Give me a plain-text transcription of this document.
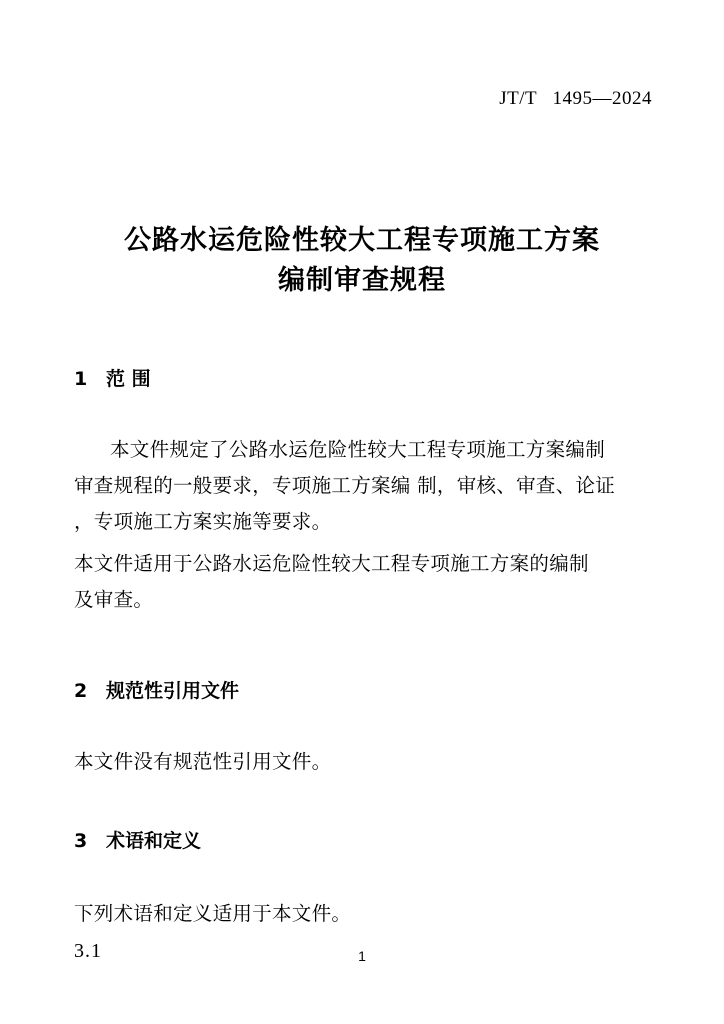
JT/T   1495—2024
公路水运危险性较大工程专项施工方案
编制审查规程
1 范 围
本文件规定了公路水运危险性较大工程专项施工方案编制
审查规程的一般要求，专项施工方案编 制，审核、审查、论证
，专项施工方案实施等要求。
本文件适用于公路水运危险性较大工程专项施工方案的编制
及审查。
2 规范性引用文件
本文件没有规范性引用文件。
3 术语和定义
下列术语和定义适用于本文件。
3.1	1
